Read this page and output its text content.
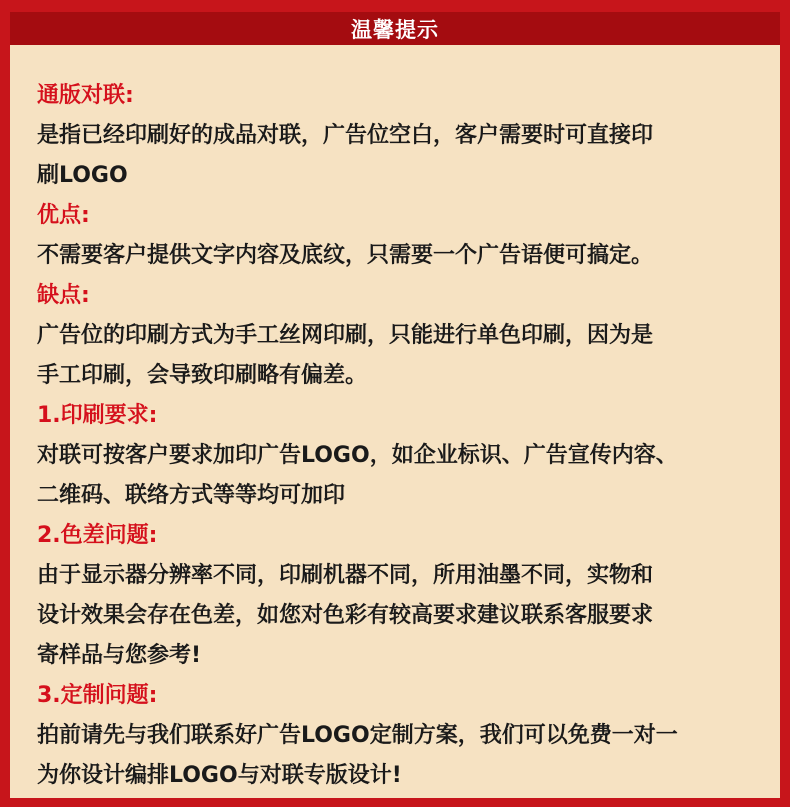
温馨提示
通版对联:
是指已经印刷好的成品对联，广告位空白，客户需要时可直接印
刷LOGO
优点:
不需要客户提供文字内容及底纹，只需要一个广告语便可搞定。
缺点:
广告位的印刷方式为手工丝网印刷，只能进行单色印刷，因为是
手工印刷，会导致印刷略有偏差。
1.印刷要求:
对联可按客户要求加印广告LOGO，如企业标识、广告宣传内容、
二维码、联络方式等等均可加印
2.色差问题:
由于显示器分辨率不同，印刷机器不同，所用油墨不同，实物和
设计效果会存在色差，如您对色彩有较高要求建议联系客服要求
寄样品与您参考!
3.定制问题:
拍前请先与我们联系好广告LOGO定制方案，我们可以免费一对一
为你设计编排LOGO与对联专版设计!
